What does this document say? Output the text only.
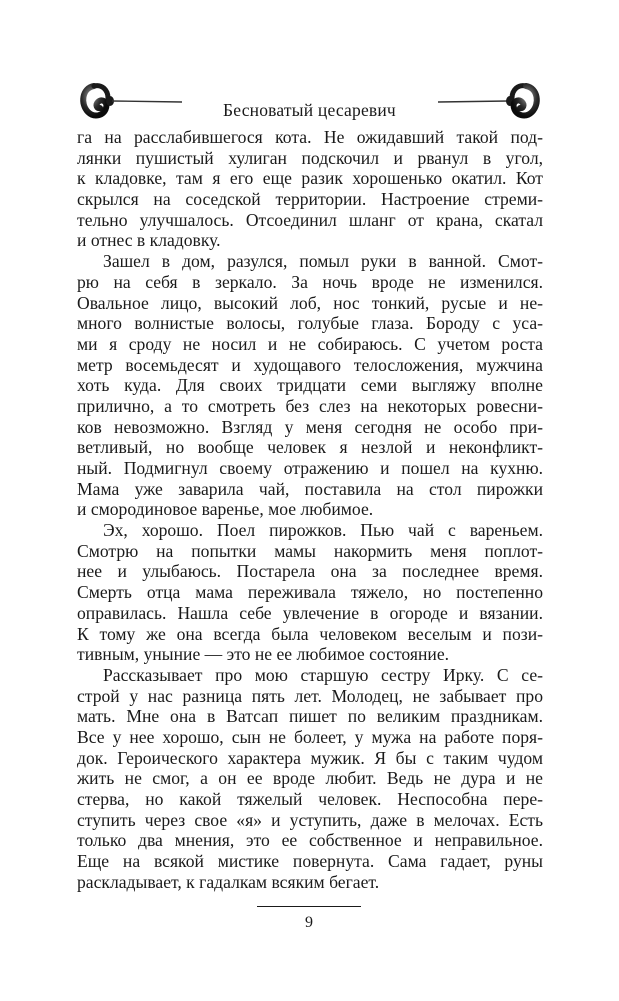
Бесноватый цесаревич
га на расслабившегося кота. Не ожидавший такой под-
лянки пушистый хулиган подскочил и рванул в угол,
к кладовке, там я его еще разик хорошенько окатил. Кот
скрылся на соседской территории. Настроение стреми-
тельно улучшалось. Отсоединил шланг от крана, скатал
и отнес в кладовку.
Зашел в дом, разулся, помыл руки в ванной. Смот-
рю на себя в зеркало. За ночь вроде не изменился.
Овальное лицо, высокий лоб, нос тонкий, русые и не-
много волнистые волосы, голубые глаза. Бороду с уса-
ми я сроду не носил и не собираюсь. С учетом роста
метр восемьдесят и худощавого телосложения, мужчина
хоть куда. Для своих тридцати семи выгляжу вполне
прилично, а то смотреть без слез на некоторых ровесни-
ков невозможно. Взгляд у меня сегодня не особо при-
ветливый, но вообще человек я незлой и неконфликт-
ный. Подмигнул своему отражению и пошел на кухню.
Мама уже заварила чай, поставила на стол пирожки
и смородиновое варенье, мое любимое.
Эх, хорошо. Поел пирожков. Пью чай с вареньем.
Смотрю на попытки мамы накормить меня поплот-
нее и улыбаюсь. Постарела она за последнее время.
Смерть отца мама переживала тяжело, но постепенно
оправилась. Нашла себе увлечение в огороде и вязании.
К тому же она всегда была человеком веселым и пози-
тивным, уныние — это не ее любимое состояние.
Рассказывает про мою старшую сестру Ирку. С се-
строй у нас разница пять лет. Молодец, не забывает про
мать. Мне она в Ватсап пишет по великим праздникам.
Все у нее хорошо, сын не болеет, у мужа на работе поря-
док. Героического характера мужик. Я бы с таким чудом
жить не смог, а он ее вроде любит. Ведь не дура и не
стерва, но какой тяжелый человек. Неспособна пере-
ступить через свое «я» и уступить, даже в мелочах. Есть
только два мнения, это ее собственное и неправильное.
Еще на всякой мистике повернута. Сама гадает, руны
раскладывает, к гадалкам всяким бегает.
9
